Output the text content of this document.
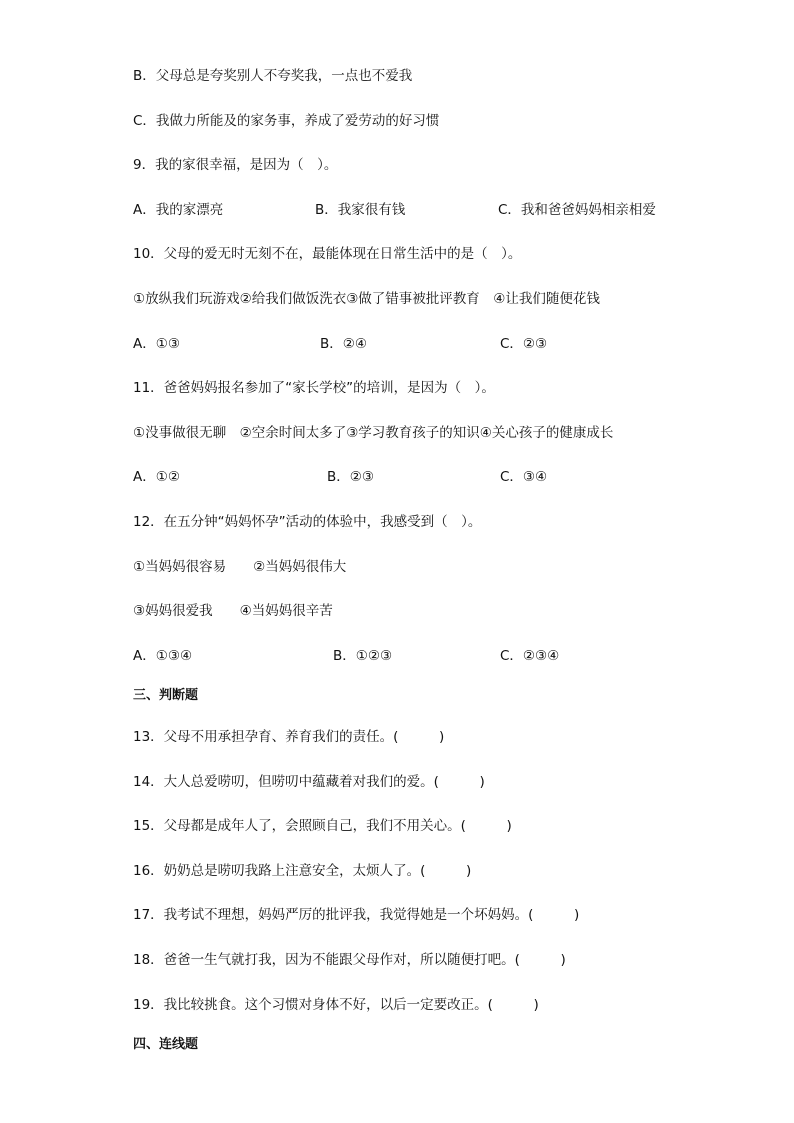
B．父母总是夸奖别人不夸奖我，一点也不爱我
C．我做力所能及的家务事，养成了爱劳动的好习惯
9．我的家很幸福，是因为（　）。
A．我的家漂亮	B．我家很有钱	C．我和爸爸妈妈相亲相爱
10．父母的爱无时无刻不在，最能体现在日常生活中的是（　）。
①放纵我们玩游戏②给我们做饭洗衣③做了错事被批评教育　④让我们随便花钱
A．①③	B．②④	C．②③
11．爸爸妈妈报名参加了“家长学校”的培训，是因为（　）。
①没事做很无聊　②空余时间太多了③学习教育孩子的知识④关心孩子的健康成长
A．①②	B．②③	C．③④
12．在五分钟“妈妈怀孕”活动的体验中，我感受到（　）。
①当妈妈很容易　　②当妈妈很伟大
③妈妈很爱我　　④当妈妈很辛苦
A．①③④	B．①②③	C．②③④
三、判断题
13．父母不用承担孕育、养育我们的责任。(　　　)
14．大人总爱唠叨，但唠叨中蕴藏着对我们的爱。(　　　)
15．父母都是成年人了，会照顾自己，我们不用关心。(　　　)
16．奶奶总是唠叨我路上注意安全，太烦人了。(　　　)
17．我考试不理想，妈妈严厉的批评我，我觉得她是一个坏妈妈。(　　　)
18．爸爸一生气就打我，因为不能跟父母作对，所以随便打吧。(　　　)
19．我比较挑食。这个习惯对身体不好，以后一定要改正。(　　　)
四、连线题
